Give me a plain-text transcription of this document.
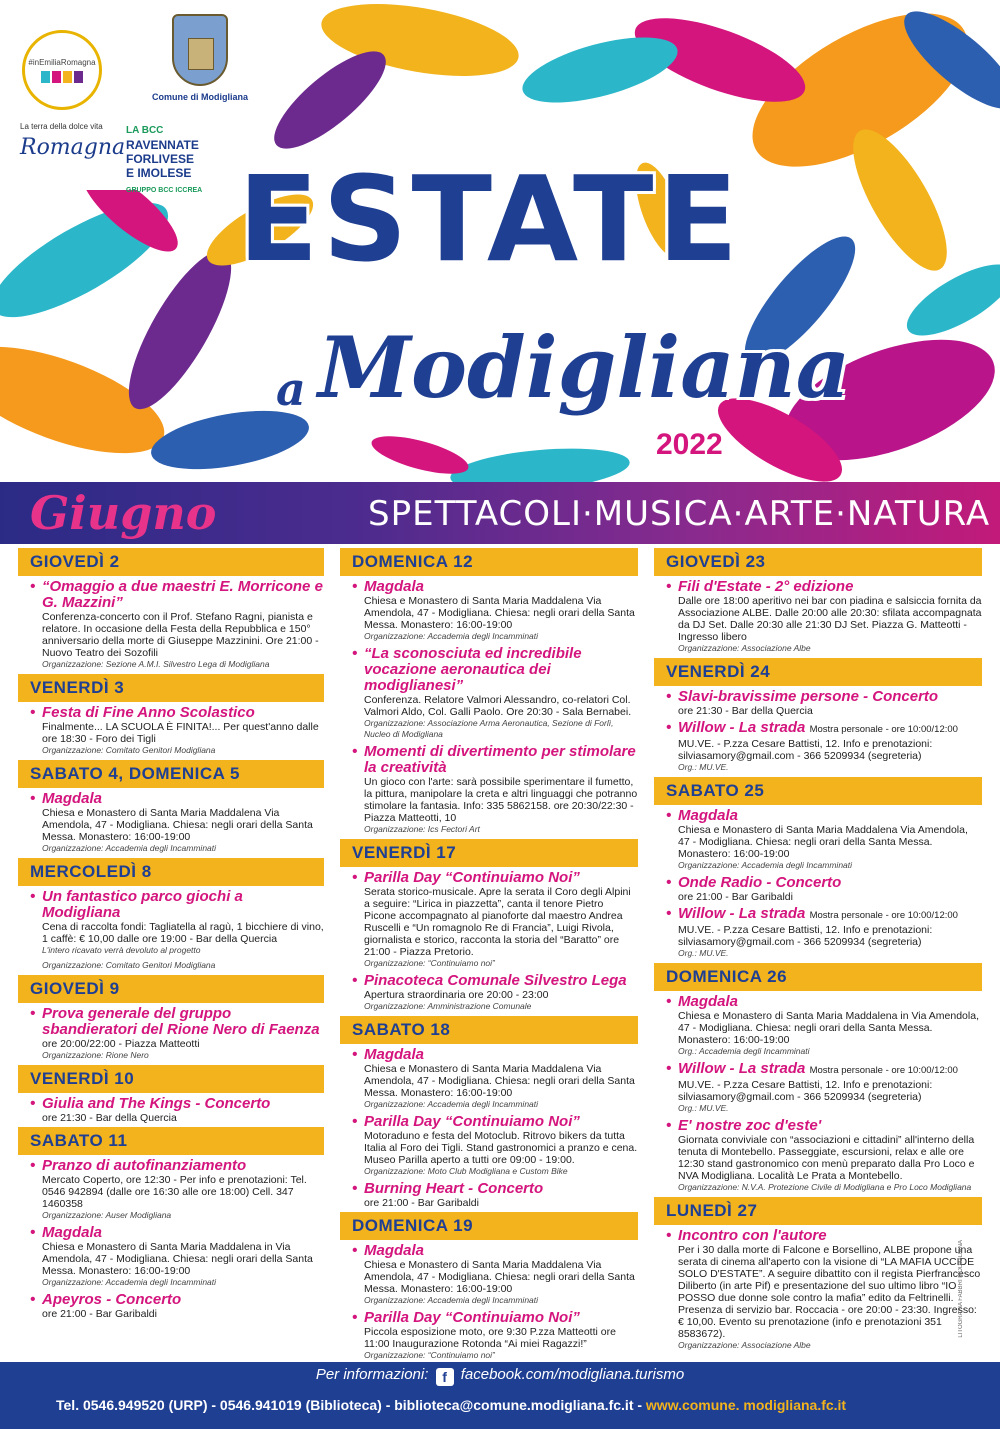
#inEmiliaRomagna
Comune di Modigliana
La terra della dolce vita
Romagna
LA BCC
RAVENNATE
FORLIVESE
E IMOLESE
GRUPPO BCC ICCREA ESTATE
Modigliana
a
2022
Giugno	SPETTACOLI·MUSICA·ARTE·NATURA
GIOVEDÌ 2
• “Omaggio a due maestri E. Morricone e G. Mazzini”
Conferenza-concerto con il Prof. Stefano Ragni, pianista e relatore. In occasione della Festa della Repubblica e 150° anniversario della morte di Giuseppe Mazzinini. Ore 21:00 - Nuovo Teatro dei Sozofili
Organizzazione: Sezione A.M.I. Silvestro Lega di Modigliana
VENERDÌ 3
• Festa di Fine Anno Scolastico
Finalmente... LA SCUOLA È FINITA!... Per quest'anno dalle ore 18:30 - Foro dei Tigli
Organizzazione: Comitato Genitori Modigliana
SABATO 4, DOMENICA 5
• Magdala
Chiesa e Monastero di Santa Maria Maddalena Via Amendola, 47 - Modigliana. Chiesa: negli orari della Santa Messa. Monastero: 16:00-19:00
Organizzazione: Accademia degli Incamminati
MERCOLEDÌ 8
• Un fantastico parco giochi a Modigliana
Cena di raccolta fondi: Tagliatella al ragù, 1 bicchiere di vino, 1 caffè: € 10,00 dalle ore 19:00 - Bar della Quercia
L'intero ricavato verrà devoluto al progetto
Organizzazione: Comitato Genitori Modigliana
GIOVEDÌ 9
• Prova generale del gruppo sbandieratori del Rione Nero di Faenza
ore 20:00/22:00 - Piazza Matteotti
Organizzazione: Rione Nero
VENERDÌ 10
• Giulia and The Kings - Concerto
ore 21:30 - Bar della Quercia
SABATO 11
• Pranzo di autofinanziamento
Mercato Coperto, ore 12:30 - Per info e prenotazioni: Tel. 0546 942894 (dalle ore 16:30 alle ore 18:00) Cell. 347 1460358
Organizzazione: Auser Modigliana
• Magdala
Chiesa e Monastero di Santa Maria Maddalena in Via Amendola, 47 - Modigliana. Chiesa: negli orari della Santa Messa. Monastero: 16:00-19:00
Organizzazione: Accademia degli Incamminati
• Apeyros - Concerto
ore 21:00 - Bar Garibaldi
DOMENICA 12
• Magdala
Chiesa e Monastero di Santa Maria Maddalena Via Amendola, 47 - Modigliana. Chiesa: negli orari della Santa Messa. Monastero: 16:00-19:00
Organizzazione: Accademia degli Incamminati
• “La sconosciuta ed incredibile vocazione aeronautica dei modiglianesi”
Conferenza. Relatore Valmori Alessandro, co-relatori Col. Valmori Aldo, Col. Galli Paolo. Ore 20:30 - Sala Bernabei.
Organizzazione: Associazione Arma Aeronautica, Sezione di Forlì, Nucleo di Modigliana
• Momenti di divertimento per stimolare la creatività
Un gioco con l'arte: sarà possibile sperimentare il fumetto, la pittura, manipolare la creta e altri linguaggi che potranno stimolare la fantasia. Info: 335 5862158. ore 20:30/22:30 - Piazza Matteotti, 10
Organizzazione: Ics Fectori Art
VENERDÌ 17
• Parilla Day “Continuiamo Noi”
Serata storico-musicale. Apre la serata il Coro degli Alpini a seguire: “Lirica in piazzetta”, canta il tenore Pietro Picone accompagnato al pianoforte dal maestro Andrea Ruscelli e “Un romagnolo Re di Francia”, Luigi Rivola, giornalista e storico, racconta la storia del “Baratto” ore 21:00 - Piazza Pretorio.
Organizzazione: “Continuiamo noi”
• Pinacoteca Comunale Silvestro Lega
Apertura straordinaria ore 20:00 - 23:00
Organizzazione: Amministrazione Comunale
SABATO 18
• Magdala
Chiesa e Monastero di Santa Maria Maddalena Via Amendola, 47 - Modigliana. Chiesa: negli orari della Santa Messa. Monastero: 16:00-19:00
Organizzazione: Accademia degli Incamminati
• Parilla Day “Continuiamo Noi”
Motoraduno e festa del Motoclub. Ritrovo bikers da tutta Italia al Foro dei Tigli. Stand gastronomici a pranzo e cena. Museo Parilla aperto a tutti ore 09:00 - 19:00.
Organizzazione: Moto Club Modigliana e Custom Bike
• Burning Heart - Concerto
ore 21:00 - Bar Garibaldi
DOMENICA 19
• Magdala
Chiesa e Monastero di Santa Maria Maddalena Via Amendola, 47 - Modigliana. Chiesa: negli orari della Santa Messa. Monastero: 16:00-19:00
Organizzazione: Accademia degli Incamminati
• Parilla Day “Continuiamo Noi”
Piccola esposizione moto, ore 9:30 P.zza Matteotti ore 11:00 Inaugurazione Rotonda “Ai miei Ragazzi!”
Organizzazione: “Continuiamo noi”
GIOVEDÌ 23
• Fili d'Estate - 2° edizione
Dalle ore 18:00 aperitivo nei bar con piadina e salsiccia fornita da Associazione ALBE. Dalle 20:00 alle 20:30: sfilata accompagnata da DJ Set. Dalle 20:30 alle 21:30 DJ Set. Piazza G. Matteotti - Ingresso libero
Organizzazione: Associazione Albe
VENERDÌ 24
• Slavi-bravissime persone - Concerto
ore 21:30 - Bar della Quercia
• Willow - La strada Mostra personale - ore 10:00/12:00
MU.VE. - P.zza Cesare Battisti, 12. Info e prenotazioni: silviasamory@gmail.com - 366 5209934 (segreteria)
Org.: MU.VE.
SABATO 25
• Magdala
Chiesa e Monastero di Santa Maria Maddalena Via Amendola, 47 - Modigliana. Chiesa: negli orari della Santa Messa. Monastero: 16:00-19:00
Organizzazione: Accademia degli Incamminati
• Onde Radio - Concerto
ore 21:00 - Bar Garibaldi
• Willow - La strada Mostra personale - ore 10:00/12:00
MU.VE. - P.zza Cesare Battisti, 12. Info e prenotazioni: silviasamory@gmail.com - 366 5209934 (segreteria)
Org.: MU.VE.
DOMENICA 26
• Magdala
Chiesa e Monastero di Santa Maria Maddalena in Via Amendola, 47 - Modigliana. Chiesa: negli orari della Santa Messa. Monastero: 16:00-19:00
Org.: Accademia degli Incamminati
• Willow - La strada Mostra personale - ore 10:00/12:00
MU.VE. - P.zza Cesare Battisti, 12. Info e prenotazioni: silviasamory@gmail.com - 366 5209934 (segreteria)
Org.: MU.VE.
• E' nostre zoc d'este'
Giornata conviviale con “associazioni e cittadini” all'interno della tenuta di Montebello. Passeggiate, escursioni, relax e alle ore 12:30 stand gastronomico con menù preparato dalla Pro Loco e NVA Modigliana. Località Le Prata a Montebello.
Organizzazione: N.V.A. Protezione Civile di Modigliana e Pro Loco Modigliana
LUNEDÌ 27
• Incontro con l'autore
Per i 30 dalla morte di Falcone e Borsellino, ALBE propone una serata di cinema all'aperto con la visione di “LA MAFIA UCCIDE SOLO D'ESTATE”. A seguire dibattito con il regista Pierfrancesco Diliberto (in arte Pif) e presentazione del suo ultimo libro “IO POSSO due donne sole contro la mafia” edito da Feltrinelli. Presenza di servizio bar. Roccacia - ore 20:00 - 23:30. Ingresso: € 10,00. Evento su prenotazione (info e prenotazioni 351 8583672).
Organizzazione: Associazione Albe
LITOGRAFIA FABBRI MODIGLIANA
Per informazioni: f facebook.com/modigliana.turismo
Tel. 0546.949520 (URP) - 0546.941019 (Biblioteca) - biblioteca@comune.modigliana.fc.it - www.comune. modigliana.fc.it
